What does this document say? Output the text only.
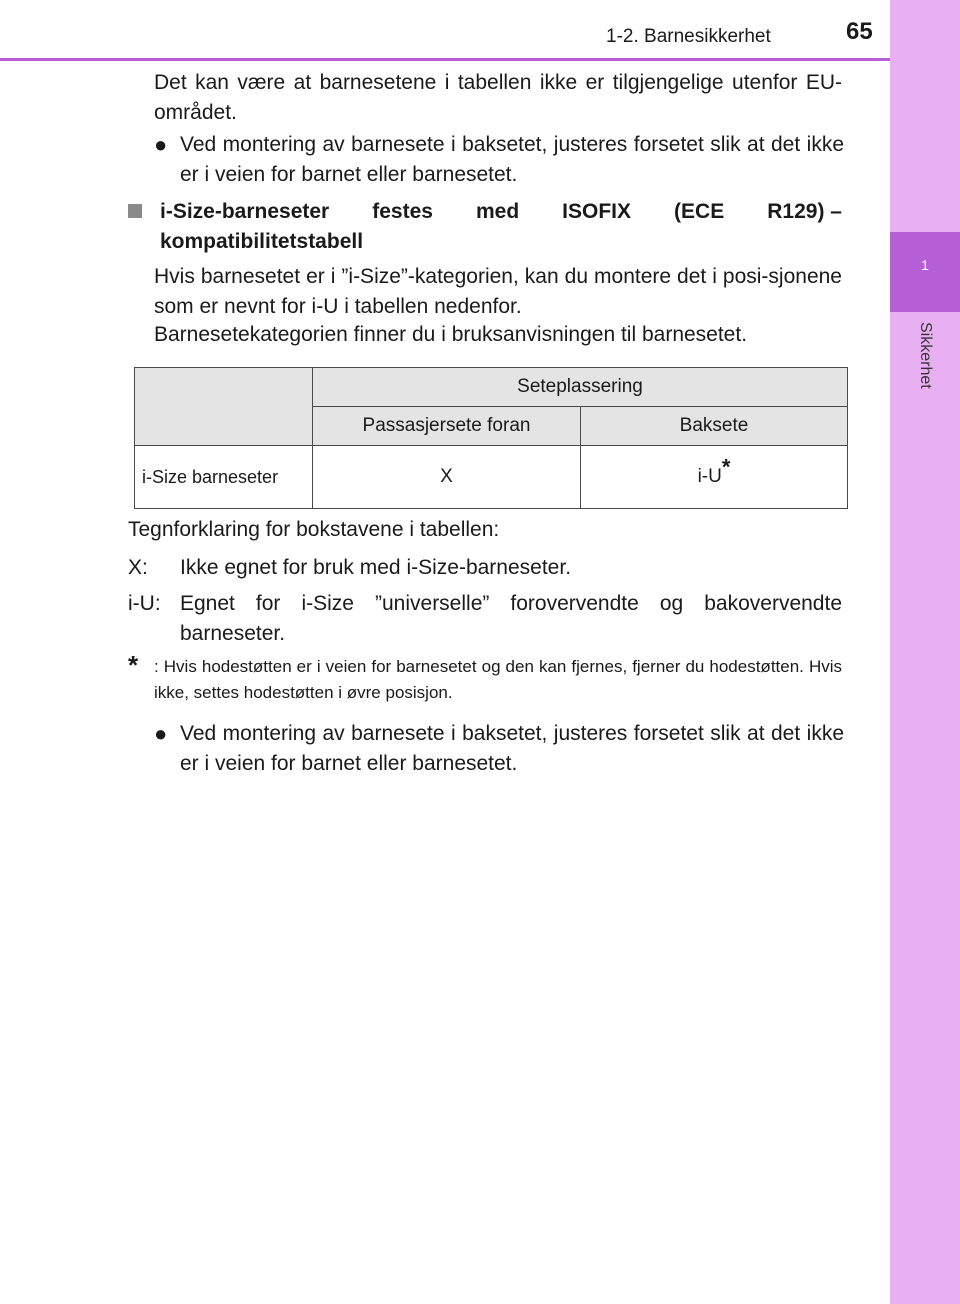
1-2. Barnesikkerhet	65
1
Sikkerhet

Det kan være at barnesetene i tabellen ikke er tilgjengelige utenfor EU-området.

● Ved montering av barnesete i baksetet, justeres forsetet slik at det ikke er i veien for barnet eller barnesetet.
i-Size-barneseter festes med ISOFIX (ECE R129) –
kompatibilitetstabell

Hvis barnesetet er i ”i-Size”-kategorien, kan du montere det i posi-sjonene som er nevnt for i-U i tabellen nedenfor.

Barnesetekategorien finner du i bruksanvisningen til barnesetet.

	Seteplassering	
	Passasjersete foran	Baksete
i-Size barneseter	X	i-U*

Tegnforklaring for bokstavene i tabellen:

X:	Ikke egnet for bruk med i-Size-barneseter.
i-U: Egnet for i-Size ”universelle” forovervendte og bakovervendte barneseter.
* : Hvis hodestøtten er i veien for barnesetet og den kan fjernes, fjerner du hodestøtten. Hvis ikke, settes hodestøtten i øvre posisjon.
● Ved montering av barnesete i baksetet, justeres forsetet slik at det ikke er i veien for barnet eller barnesetet.
